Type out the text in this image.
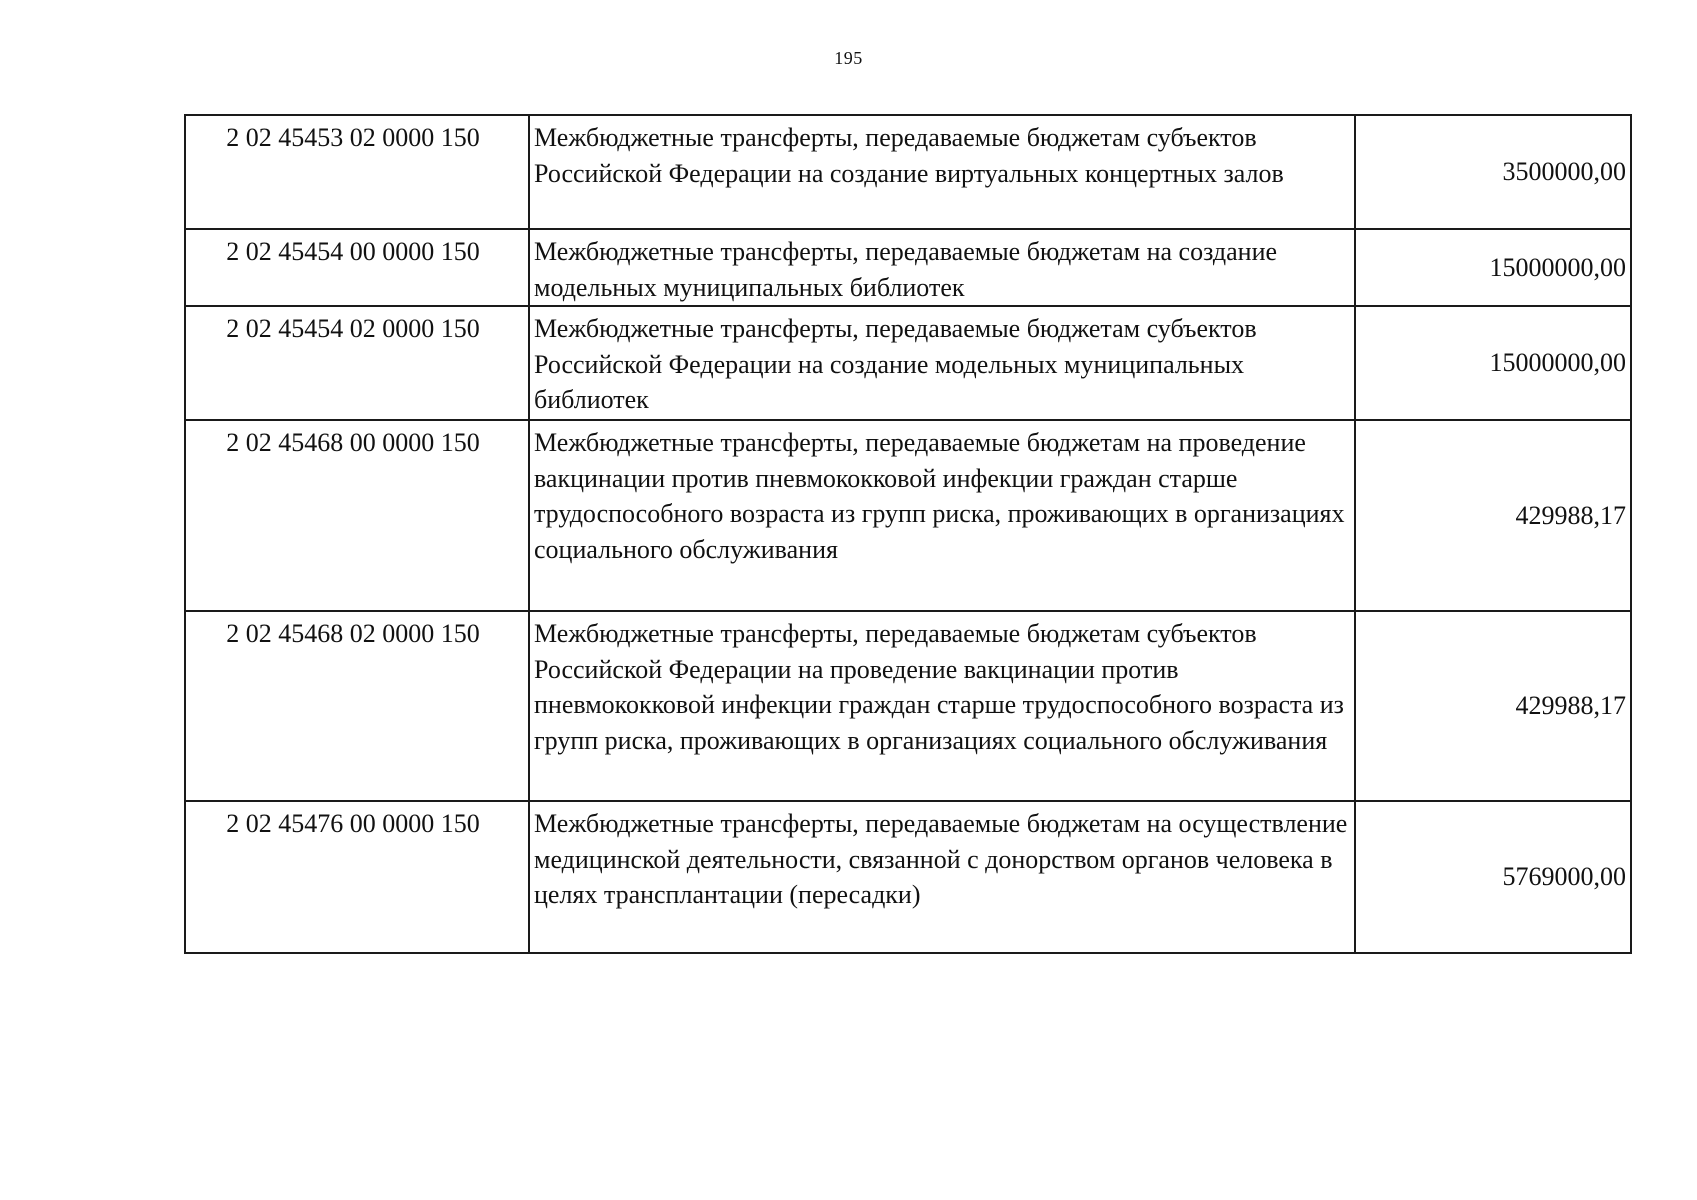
195
2 02 45453 02 0000 150	Межбюджетные трансферты, передаваемые бюджетам субъектов Российской Федерации на создание виртуальных концертных залов	3500000,00
2 02 45454 00 0000 150	Межбюджетные трансферты, передаваемые бюджетам на создание модельных муниципальных библиотек	15000000,00
2 02 45454 02 0000 150	Межбюджетные трансферты, передаваемые бюджетам субъектов Российской Федерации на создание модельных муниципальных библиотек	15000000,00
2 02 45468 00 0000 150	Межбюджетные трансферты, передаваемые бюджетам на проведение вакцинации против пневмококковой инфекции граждан старше трудоспособного возраста из групп риска, проживающих в организациях социального обслуживания	429988,17
2 02 45468 02 0000 150	Межбюджетные трансферты, передаваемые бюджетам субъектов Российской Федерации на проведение вакцинации против пневмококковой инфекции граждан старше трудоспособного возраста из групп риска, проживающих в организациях социального обслуживания	429988,17
2 02 45476 00 0000 150	Межбюджетные трансферты, передаваемые бюджетам на осуществление медицинской деятельности, связанной с донорством органов человека в целях трансплантации (пересадки)	5769000,00
